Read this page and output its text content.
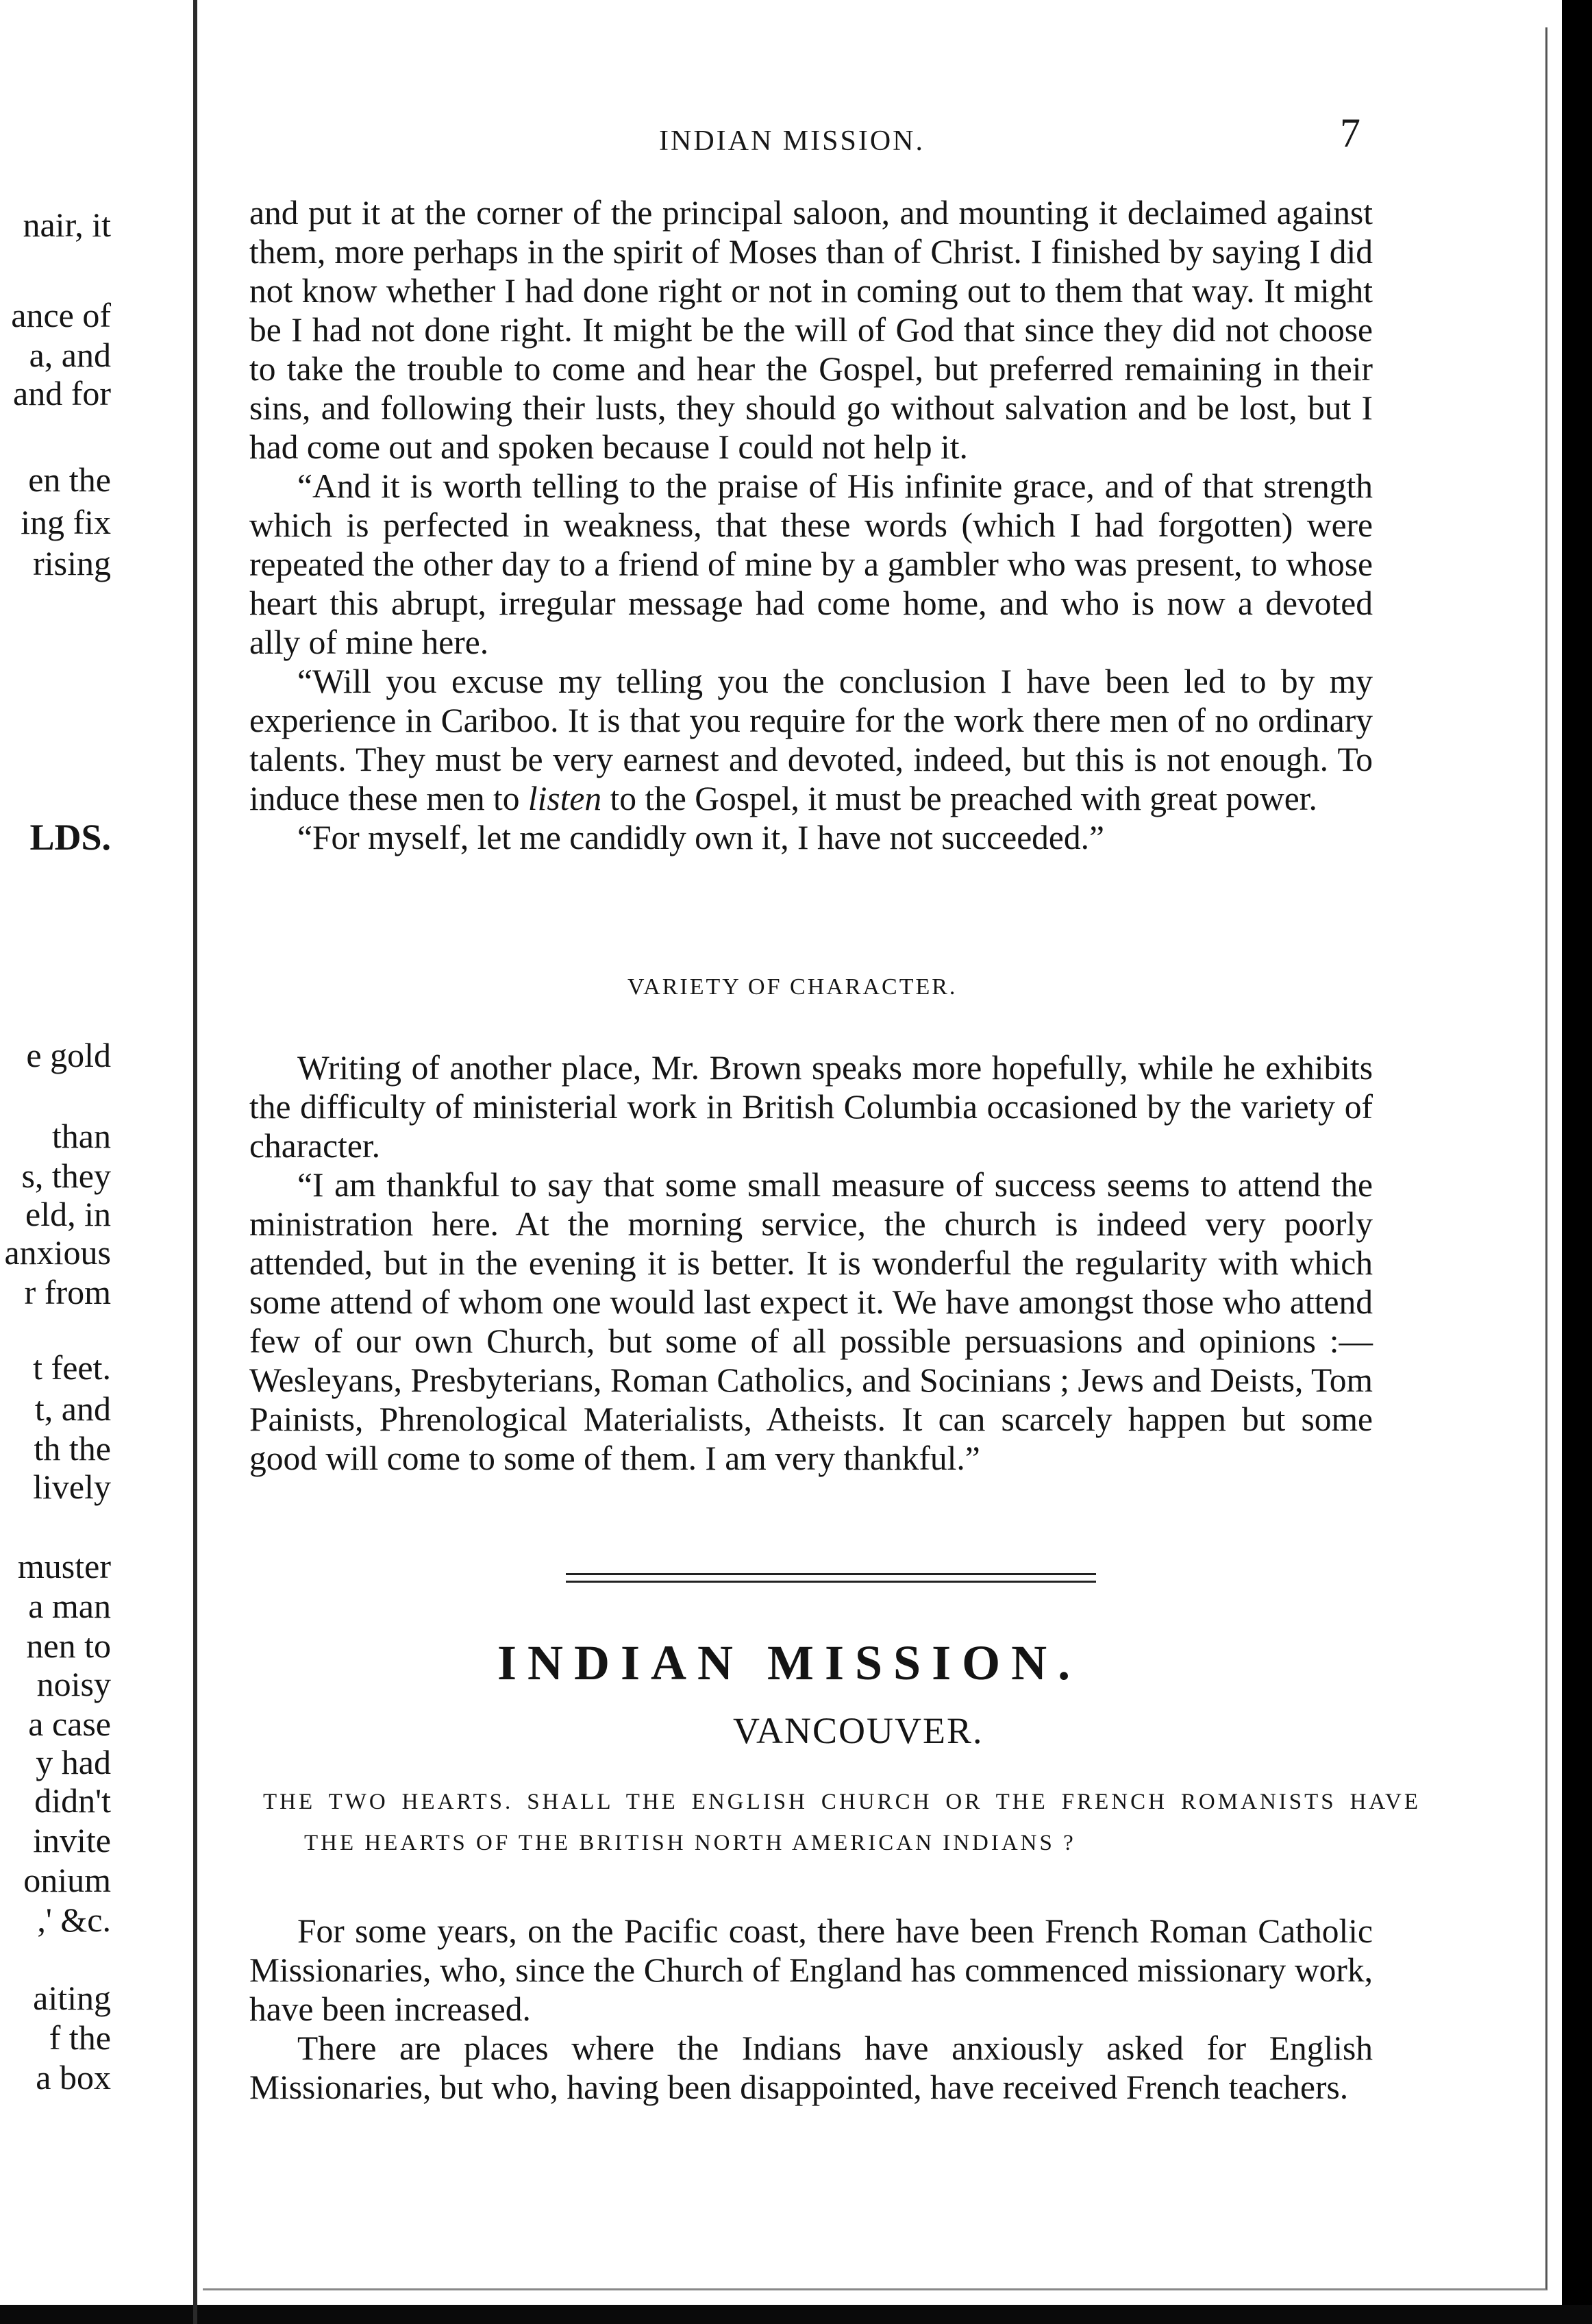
nair, it
ance of
a, and
and for
en the
ing fix
rising
LDS.
e gold
than
s, they
eld, in
anxious
r from
t feet.
t, and
th the
lively
muster
a man
nen to
noisy
a case
y had
didn't
invite
onium
,' &c.
aiting
f the
a box
INDIAN MISSION.	7

and put it at the corner of the principal saloon, and mounting it declaimed against them, more perhaps in the spirit of Moses than of Christ. I finished by saying I did not know whether I had done right or not in coming out to them that way. It might be I had not done right. It might be the will of God that since they did not choose to take the trouble to come and hear the Gospel, but preferred remaining in their sins, and following their lusts, they should go without salvation and be lost, but I had come out and spoken because I could not help it.

“And it is worth telling to the praise of His infinite grace, and of that strength which is perfected in weakness, that these words (which I had forgotten) were repeated the other day to a friend of mine by a gambler who was present, to whose heart this abrupt, irregular message had come home, and who is now a devoted ally of mine here.

“Will you excuse my telling you the conclusion I have been led to by my experience in Cariboo. It is that you require for the work there men of no ordinary talents. They must be very earnest and devoted, indeed, but this is not enough. To induce these men to listen to the Gospel, it must be preached with great power.

“For myself, let me candidly own it, I have not succeeded.”

VARIETY OF CHARACTER.

Writing of another place, Mr. Brown speaks more hopefully, while he exhibits the difficulty of ministerial work in British Columbia occasioned by the variety of character.

“I am thankful to say that some small measure of success seems to attend the ministration here. At the morning service, the church is indeed very poorly attended, but in the evening it is better. It is wonderful the regularity with which some attend of whom one would last expect it. We have amongst those who attend few of our own Church, but some of all possible persuasions and opinions :—Wesleyans, Presbyterians, Roman Catholics, and Socinians ; Jews and Deists, Tom Painists, Phrenological Materialists, Atheists. It can scarcely happen but some good will come to some of them. I am very thankful.”

INDIAN MISSION.
VANCOUVER.
THE TWO HEARTS. SHALL THE ENGLISH CHURCH OR THE FRENCH ROMANISTS HAVE THE HEARTS OF THE BRITISH NORTH AMERICAN INDIANS ?

For some years, on the Pacific coast, there have been French Roman Catholic Missionaries, who, since the Church of England has commenced missionary work, have been increased.

There are places where the Indians have anxiously asked for English Missionaries, but who, having been disappointed, have received French teachers.
